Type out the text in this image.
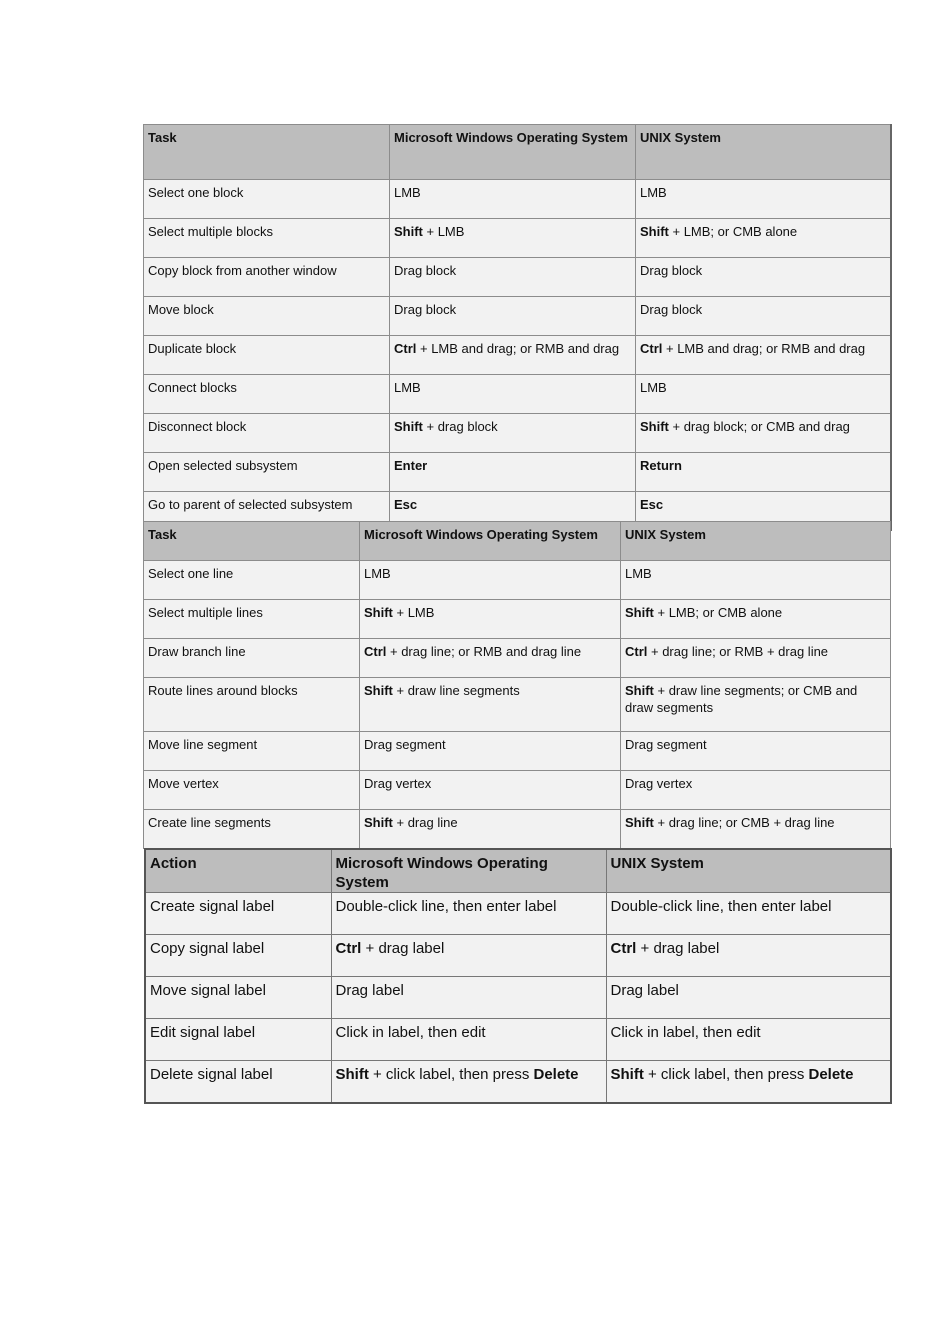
Task	Microsoft Windows Operating System	UNIX System
Select one block	LMB	LMB
Select multiple blocks	Shift + LMB	Shift + LMB; or CMB alone
Copy block from another window	Drag block	Drag block
Move block	Drag block	Drag block
Duplicate block	Ctrl + LMB and drag; or RMB and drag	Ctrl + LMB and drag; or RMB and drag
Connect blocks	LMB	LMB
Disconnect block	Shift + drag block	Shift + drag block; or CMB and drag
Open selected subsystem	Enter	Return
Go to parent of selected subsystem	Esc	Esc
Task	Microsoft Windows Operating System	UNIX System
Select one line	LMB	LMB
Select multiple lines	Shift + LMB	Shift + LMB; or CMB alone
Draw branch line	Ctrl + drag line; or RMB and drag line	Ctrl + drag line; or RMB + drag line
Route lines around blocks	Shift + draw line segments	Shift + draw line segments; or CMB and draw segments
Move line segment	Drag segment	Drag segment
Move vertex	Drag vertex	Drag vertex
Create line segments	Shift + drag line	Shift + drag line; or CMB + drag line
Action	Microsoft Windows Operating System	UNIX System
Create signal label	Double-click line, then enter label	Double-click line, then enter label
Copy signal label	Ctrl + drag label	Ctrl + drag label
Move signal label	Drag label	Drag label
Edit signal label	Click in label, then edit	Click in label, then edit
Delete signal label	Shift + click label, then press Delete	Shift + click label, then press Delete
